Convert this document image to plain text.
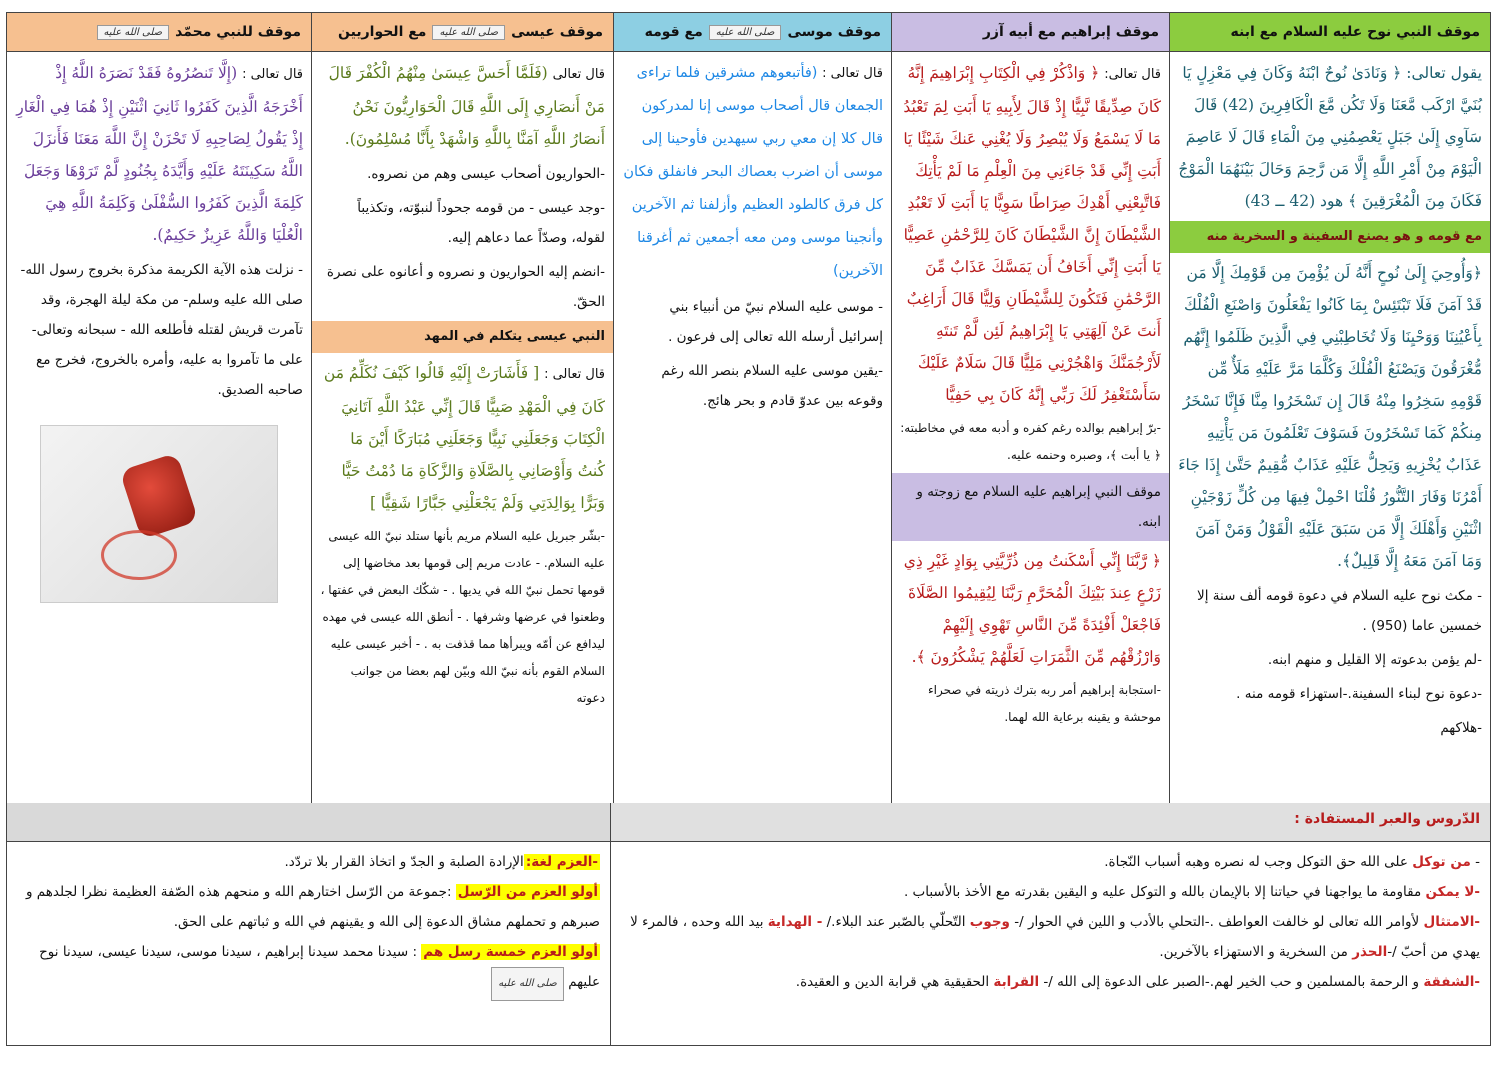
موقف النبي نوح عليه السلام مع ابنه
موقف إبراهيم مع أبيه آزر
موقف موسى
صلى الله عليه
مع قومه
موقف عيسى
صلى الله عليه
مع الحواريين
موقف للنبي محمّد
صلى الله عليه

يقول تعالى: ﴿ وَنَادَىٰ نُوحٌ ابْنَهُ وَكَانَ فِي مَعْزِلٍ يَا بُنَيَّ ارْكَب مَّعَنَا وَلَا تَكُن مَّعَ الْكَافِرِينَ (42) قَالَ سَآوِي إِلَىٰ جَبَلٍ يَعْصِمُنِي مِنَ الْمَاءِ قَالَ لَا عَاصِمَ الْيَوْمَ مِنْ أَمْرِ اللَّهِ إِلَّا مَن رَّحِمَ وَحَالَ بَيْنَهُمَا الْمَوْجُ فَكَانَ مِنَ الْمُغْرَقِينَ ﴾ هود (42 ــ 43)

مع قومه و هو يصنع السفينة و السخرية منه

﴿وَأُوحِيَ إِلَىٰ نُوحٍ أَنَّهُ لَن يُؤْمِنَ مِن قَوْمِكَ إِلَّا مَن قَدْ آمَنَ فَلَا تَبْتَئِسْ بِمَا كَانُوا يَفْعَلُونَ وَاصْنَعِ الْفُلْكَ بِأَعْيُنِنَا وَوَحْيِنَا وَلَا تُخَاطِبْنِي فِي الَّذِينَ ظَلَمُوا إِنَّهُم مُّغْرَقُونَ وَيَصْنَعُ الْفُلْكَ وَكُلَّمَا مَرَّ عَلَيْهِ مَلَأٌ مِّن قَوْمِهِ سَخِرُوا مِنْهُ قَالَ إِن تَسْخَرُوا مِنَّا فَإِنَّا نَسْخَرُ مِنكُمْ كَمَا تَسْخَرُونَ فَسَوْفَ تَعْلَمُونَ مَن يَأْتِيهِ عَذَابٌ يُخْزِيهِ وَيَحِلُّ عَلَيْهِ عَذَابٌ مُّقِيمٌ حَتَّىٰ إِذَا جَاءَ أَمْرُنَا وَفَارَ التَّنُّورُ قُلْنَا احْمِلْ فِيهَا مِن كُلٍّ زَوْجَيْنِ اثْنَيْنِ وَأَهْلَكَ إِلَّا مَن سَبَقَ عَلَيْهِ الْقَوْلُ وَمَنْ آمَنَ وَمَا آمَنَ مَعَهُ إِلَّا قَلِيلٌ﴾.

- مكث نوح عليه السلام في دعوة قومه ألف سنة إلا خمسين عاما (950) .

-لم يؤمن بدعوته إلا القليل و منهم ابنه.

-دعوة نوح لبناء السفينة.-استهزاء قومه منه .

-هلاكهم

قال تعالى: ﴿ وَاذْكُرْ فِي الْكِتَابِ إِبْرَاهِيمَ إِنَّهُ كَانَ صِدِّيقًا نَّبِيًّا إِذْ قَالَ لِأَبِيهِ يَا أَبَتِ لِمَ تَعْبُدُ مَا لَا يَسْمَعُ وَلَا يُبْصِرُ وَلَا يُغْنِي عَنكَ شَيْئًا يَا أَبَتِ إِنِّي قَدْ جَاءَنِي مِنَ الْعِلْمِ مَا لَمْ يَأْتِكَ فَاتَّبِعْنِي أَهْدِكَ صِرَاطًا سَوِيًّا يَا أَبَتِ لَا تَعْبُدِ الشَّيْطَانَ إِنَّ الشَّيْطَانَ كَانَ لِلرَّحْمَٰنِ عَصِيًّا يَا أَبَتِ إِنِّي أَخَافُ أَن يَمَسَّكَ عَذَابٌ مِّنَ الرَّحْمَٰنِ فَتَكُونَ لِلشَّيْطَانِ وَلِيًّا قَالَ أَرَاغِبٌ أَنتَ عَنْ آلِهَتِي يَا إِبْرَاهِيمُ لَئِن لَّمْ تَنتَهِ لَأَرْجُمَنَّكَ وَاهْجُرْنِي مَلِيًّا قَالَ سَلَامٌ عَلَيْكَ سَأَسْتَغْفِرُ لَكَ رَبِّي إِنَّهُ كَانَ بِي حَفِيًّا

-برّ إبراهيم بوالده رغم كفره و أدبه معه في مخاطبته: ﴿ يا أبت ﴾، وصبره وحنمه عليه.

موقف النبي إبراهيم عليه السلام مع زوجته و ابنه.

﴿ رَّبَّنَا إِنِّي أَسْكَنتُ مِن ذُرِّيَّتِي بِوَادٍ غَيْرِ ذِي زَرْعٍ عِندَ بَيْتِكَ الْمُحَرَّمِ رَبَّنَا لِيُقِيمُوا الصَّلَاةَ فَاجْعَلْ أَفْئِدَةً مِّنَ النَّاسِ تَهْوِي إِلَيْهِمْ وَارْزُقْهُم مِّنَ الثَّمَرَاتِ لَعَلَّهُمْ يَشْكُرُونَ ﴾.

-استجابة إبراهيم أمر ربه بترك ذريته في صحراء موحشة و يقينه برعاية الله لهما.

قال تعالى : (فأتبعوهم مشرقين فلما تراءى الجمعان قال أصحاب موسى إنا لمدركون قال كلا إن معي ربي سيهدين فأوحينا إلى موسى أن اضرب بعصاك البحر فانفلق فكان كل فرق كالطود العظيم وأزلفنا ثم الآخرين وأنجينا موسى ومن معه أجمعين ثم أغرقنا الآخرين)

- موسى عليه السلام نبيّ من أنبياء بني إسرائيل أرسله الله تعالى إلى فرعون .

-يقين موسى عليه السلام بنصر الله رغم وقوعه بين عدوّ قادم و بحر هائج.

قال تعالى (فَلَمَّا أَحَسَّ عِيسَىٰ مِنْهُمُ الْكُفْرَ قَالَ مَنْ أَنصَارِي إِلَى اللَّهِ قَالَ الْحَوَارِيُّونَ نَحْنُ أَنصَارُ اللَّهِ آمَنَّا بِاللَّهِ وَاشْهَدْ بِأَنَّا مُسْلِمُونَ).

-الحواريون أصحاب عيسى وهم من نصروه.

-وجد عيسى - من قومه جحوداً لنبوّته، وتكذيباً لقوله، وصدّاً عما دعاهم إليه.

-انضم إليه الحواريون و نصروه و أعانوه على نصرة الحقّ.

النبي عيسى يتكلم في المهد

قال تعالى : [ فَأَشَارَتْ إِلَيْهِ قَالُوا كَيْفَ نُكَلِّمُ مَن كَانَ فِي الْمَهْدِ صَبِيًّا قَالَ إِنِّي عَبْدُ اللَّهِ آتَانِيَ الْكِتَابَ وَجَعَلَنِي نَبِيًّا وَجَعَلَنِي مُبَارَكًا أَيْنَ مَا كُنتُ وَأَوْصَانِي بِالصَّلَاةِ وَالزَّكَاةِ مَا دُمْتُ حَيًّا وَبَرًّا بِوَالِدَتِي وَلَمْ يَجْعَلْنِي جَبَّارًا شَقِيًّا ]

-بشّر جبريل عليه السلام مريم بأنها ستلد نبيّ الله عيسى عليه السلام. - عادت مريم إلى قومها بعد مخاضها إلى قومها تحمل نبيّ الله في يديها . - شكّك البعض في عفتها ، وطعنوا في عرضها وشرفها . - أنطق الله عيسى في مهده ليدافع عن أمّه ويبرأها مما قذفت به . - أخبر عيسى عليه السلام القوم بأنه نبيّ الله وبيّن لهم بعضا من جوانب دعوته

قال تعالى : (إِلَّا تَنصُرُوهُ فَقَدْ نَصَرَهُ اللَّهُ إِذْ أَخْرَجَهُ الَّذِينَ كَفَرُوا ثَانِيَ اثْنَيْنِ إِذْ هُمَا فِي الْغَارِ إِذْ يَقُولُ لِصَاحِبِهِ لَا تَحْزَنْ إِنَّ اللَّهَ مَعَنَا فَأَنزَلَ اللَّهُ سَكِينَتَهُ عَلَيْهِ وَأَيَّدَهُ بِجُنُودٍ لَّمْ تَرَوْهَا وَجَعَلَ كَلِمَةَ الَّذِينَ كَفَرُوا السُّفْلَىٰ وَكَلِمَةُ اللَّهِ هِيَ الْعُلْيَا وَاللَّهُ عَزِيزٌ حَكِيمٌ).

- نزلت هذه الآية الكريمة مذكرة بخروج رسول الله- صلى الله عليه وسلم- من مكة ليلة الهجرة، وقد تآمرت قريش لقتله فأطلعه الله - سبحانه وتعالى- على ما تآمروا به عليه، وأمره بالخروج، فخرج مع صاحبه الصديق.

الدّروس والعبر المستفادة :
- من توكل على الله حق التوكل وجب له نصره وهبه أسباب النّجاة.
-لا يمكن مقاومة ما يواجهنا في حياتنا إلا بالإيمان بالله و التوكل عليه و اليقين بقدرته مع الأخذ بالأسباب .
-الامتثال لأوامر الله تعالى لو خالفت العواطف .-التحلي بالأدب و اللين في الحوار /- وجوب التّحلّي بالصّبر عند البلاء./ - الهداية بيد الله وحده ، فالمرء لا يهدي من أحبّ /-الحذر من السخرية و الاستهزاء بالآخرين.
-الشفقة و الرحمة بالمسلمين و حب الخير لهم.-الصبر على الدعوة إلى الله /- القرابة الحقيقية هي قرابة الدين و العقيدة.
-العزم لغة:الإرادة الصلبة و الجدّ و اتخاذ القرار بلا تردّد.
أولو العزم من الرّسل :جموعة من الرّسل اختارهم الله و منحهم هذه الصّفة العظيمة نظرا لجلدهم و صبرهم و تحملهم مشاق الدعوة إلى الله و يقينهم في الله و ثباتهم على الحق.
أولو العزم خمسة رسل هم : سيدنا محمد سيدنا إبراهيم ، سيدنا موسى، سيدنا عيسى، سيدنا نوح عليهم صلى الله عليه
